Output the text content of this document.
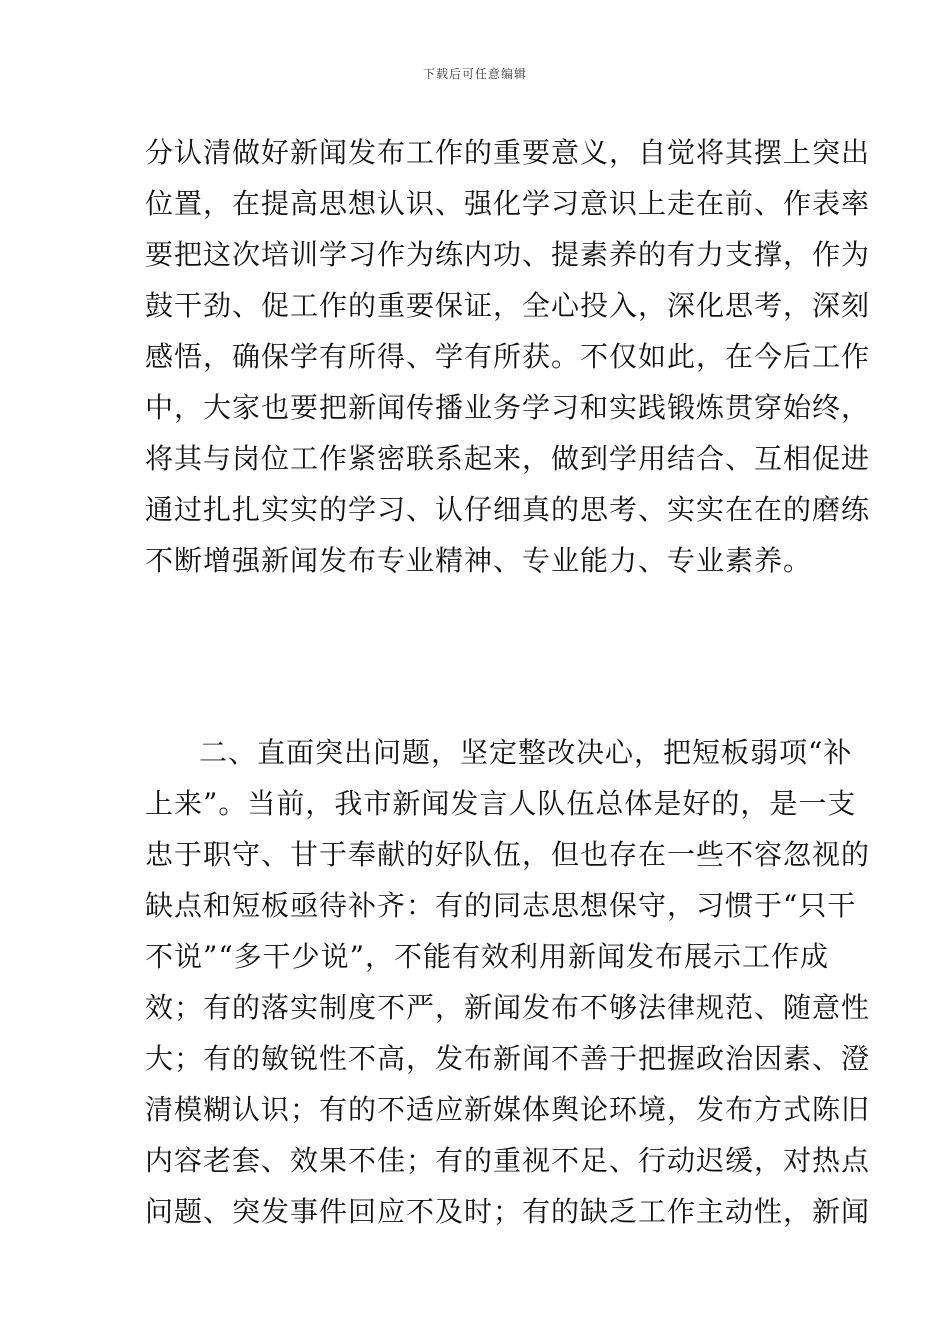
下载后可任意编辑
分认清做好新闻发布工作的重要意义，自觉将其摆上突出
位置，在提高思想认识、强化学习意识上走在前、作表率
要把这次培训学习作为练内功、提素养的有力支撑，作为
鼓干劲、促工作的重要保证，全心投入，深化思考，深刻
感悟，确保学有所得、学有所获。不仅如此，在今后工作
中，大家也要把新闻传播业务学习和实践锻炼贯穿始终，
将其与岗位工作紧密联系起来，做到学用结合、互相促进
通过扎扎实实的学习、认仔细真的思考、实实在在的磨练
不断增强新闻发布专业精神、专业能力、专业素养。
二、直面突出问题，坚定整改决心，把短板弱项“补
上来”。当前，我市新闻发言人队伍总体是好的，是一支
忠于职守、甘于奉献的好队伍，但也存在一些不容忽视的
缺点和短板亟待补齐：有的同志思想保守，习惯于“只干
不说”“多干少说”，不能有效利用新闻发布展示工作成
效；有的落实制度不严，新闻发布不够法律规范、随意性
大；有的敏锐性不高，发布新闻不善于把握政治因素、澄
清模糊认识；有的不适应新媒体舆论环境，发布方式陈旧
内容老套、效果不佳；有的重视不足、行动迟缓，对热点
问题、突发事件回应不及时；有的缺乏工作主动性，新闻
